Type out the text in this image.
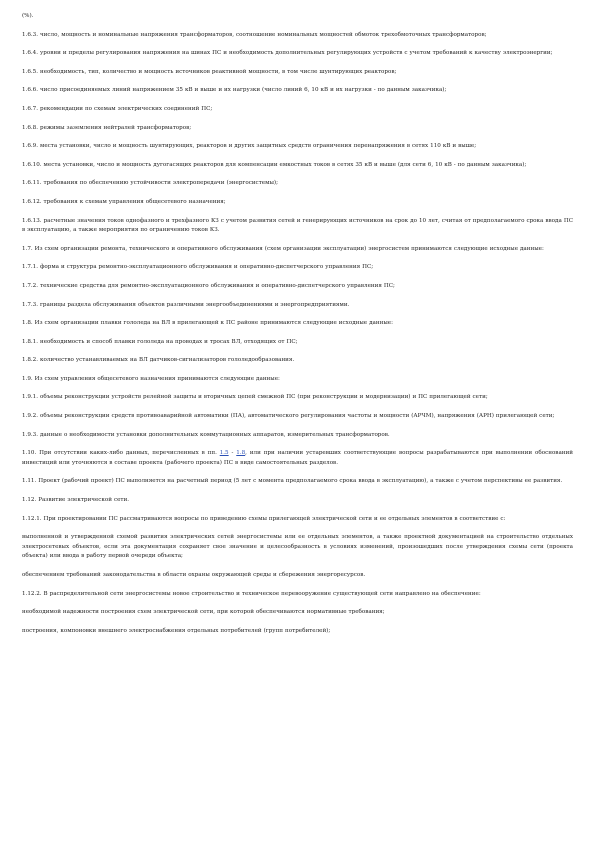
(%).

1.6.3. число, мощность и номинальные напряжения трансформаторов, соотношение номинальных мощностей обмоток трехобмоточных трансформаторов;

1.6.4. уровни и пределы регулирования напряжения на шинах ПС и необходимость дополнительных регулирующих устройств с учетом требований к качеству электроэнергии;

1.6.5. необходимость, тип, количество и мощность источников реактивной мощности, в том числе шунтирующих реакторов;

1.6.6. число присоединяемых линий напряжением 35 кВ и выше и их нагрузки (число линий 6, 10 кВ и их нагрузки - по данным заказчика);

1.6.7. рекомендации по схемам электрических соединений ПС;

1.6.8. режимы заземления нейтралей трансформаторов;

1.6.9. места установки, число и мощность шунтирующих, реакторов и других защитных средств ограничения перенапряжения в сетях 110 кВ и выше;

1.6.10. места установки, число и мощность дугогасящих реакторов для компенсации емкостных токов в сетях 35 кВ и выше (для сети 6, 10 кВ - по данным заказчика);

1.6.11. требования по обеспечению устойчивости электропередачи (энергосистемы);

1.6.12. требования к схемам управления общесетевого назначения;

1.6.13. расчетные значения токов однофазного и трехфазного КЗ с учетом развития сетей и генерирующих источников на срок до 10 лет, считая от предполагаемого срока ввода ПС в эксплуатацию, а также мероприятия по ограничению токов КЗ.

1.7. Из схем организации ремонта, технического и оперативного обслуживания (схем организации эксплуатации) энергосистем принимаются следующие исходные данные:

1.7.1. форма и структура ремонтно-эксплуатационного обслуживания и оперативно-диспетчерского управления ПС;

1.7.2. технические средства для ремонтно-эксплуатационного обслуживания и оперативно-диспетчерского управления ПС;

1.7.3. границы раздела обслуживания объектов различными энергообъединениями и энергопредприятиями.

1.8. Из схем организации плавки гололеда на ВЛ в прилегающей к ПС районе принимаются следующие исходные данные:

1.8.1. необходимость и способ плавки гололеда на проводах и тросах ВЛ, отходящих от ПС;

1.8.2. количество устанавливаемых на ВЛ датчиков-сигнализаторов гололедообразования.

1.9. Из схем управления общесетевого назначения принимаются следующие данные:

1.9.1. объемы реконструкции устройств релейной защиты и вторичных цепей смежной ПС (при реконструкции и модернизации) и ПС прилегающей сети;

1.9.2. объемы реконструкции средств противоаварийной автоматики (ПА), автоматического регулирования частоты и мощности (АРЧМ), напряжения (АРН) прилегающей сети;

1.9.3. данные о необходимости установки дополнительных коммутационных аппаратов, измерительных трансформаторов.

1.10. При отсутствии каких-либо данных, перечисленных в пп. 1.5 - 1.8, или при наличии устаревших соответствующие вопросы разрабатываются при выполнении обоснований инвестиций или уточняются в составе проекта (рабочего проекта) ПС в виде самостоятельных разделов.

1.11. Проект (рабочий проект) ПС выполняется на расчетный период (5 лет с момента предполагаемого срока ввода в эксплуатацию), а также с учетом перспективы ее развития.

1.12. Развитие электрической сети.

1.12.1. При проектировании ПС рассматриваются вопросы по приведению схемы прилегающей электрической сети и ее отдельных элементов в соответствие с:

выполненной и утвержденной схемой развития электрических сетей энергосистемы или ее отдельных элементов, а также проектной документацией на строительство отдельных электросетевых объектов, если эта документация сохраняет свое значение и целесообразность в условиях изменений, произошедших после утверждения схемы сети (проекта объекта) или ввода в работу первой очереди объекта;

обеспечением требований законодательства в области охраны окружающей среды и сбережения энергоресурсов.

1.12.2. В распределительной сети энергосистемы новое строительство и техническое перевооружение существующей сети направлено на обеспечение:

необходимой надежности построения схем электрической сети, при которой обеспечиваются нормативные требования;

построения, компоновки внешнего электроснабжения отдельных потребителей (групп потребителей);
